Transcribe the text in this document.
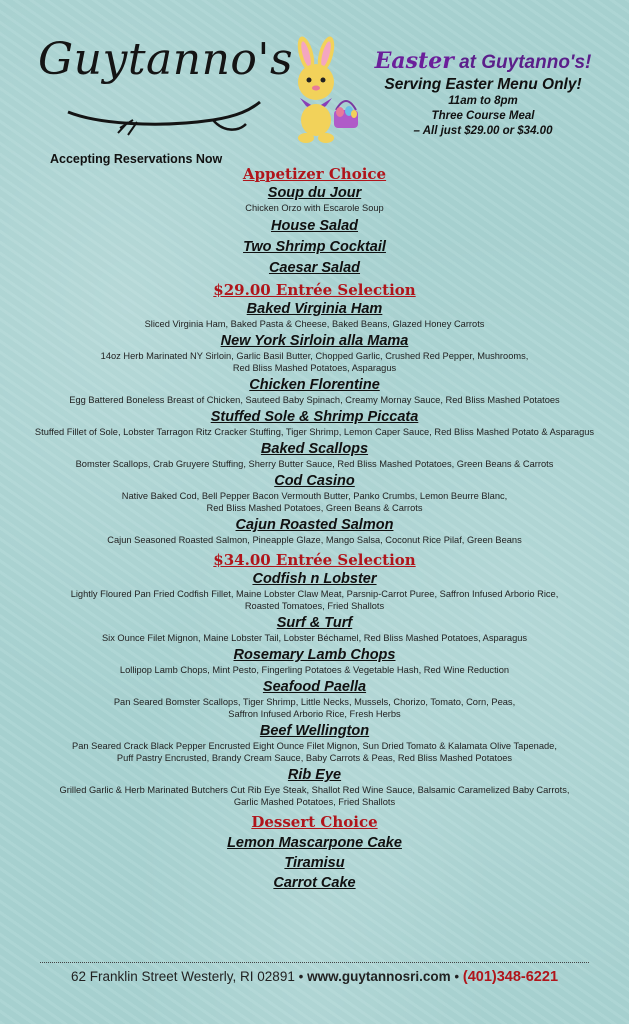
Guytanno's	Easter at Guytanno's!
Serving Easter Menu Only!
11am to 8pm
Three Course Meal
– All just $29.00 or $34.00
Accepting Reservations Now
Appetizer Choice
Soup du Jour
Chicken Orzo with Escarole Soup
House Salad
Two Shrimp Cocktail
Caesar Salad
$29.00 Entrée Selection
Baked Virginia Ham
Sliced Virginia Ham, Baked Pasta & Cheese, Baked Beans, Glazed Honey Carrots
New York Sirloin alla Mama
14oz Herb Marinated NY Sirloin, Garlic Basil Butter, Chopped Garlic, Crushed Red Pepper, Mushrooms,
Red Bliss Mashed Potatoes, Asparagus
Chicken Florentine
Egg Battered Boneless Breast of Chicken, Sauteed Baby Spinach, Creamy Mornay Sauce, Red Bliss Mashed Potatoes
Stuffed Sole & Shrimp Piccata
Stuffed Fillet of Sole, Lobster Tarragon Ritz Cracker Stuffing, Tiger Shrimp, Lemon Caper Sauce, Red Bliss Mashed Potato & Asparagus
Baked Scallops
Bomster Scallops, Crab Gruyere Stuffing, Sherry Butter Sauce, Red Bliss Mashed Potatoes, Green Beans & Carrots
Cod Casino
Native Baked Cod, Bell Pepper Bacon Vermouth Butter, Panko Crumbs, Lemon Beurre Blanc,
Red Bliss Mashed Potatoes, Green Beans & Carrots
Cajun Roasted Salmon
Cajun Seasoned Roasted Salmon, Pineapple Glaze, Mango Salsa, Coconut Rice Pilaf, Green Beans
$34.00 Entrée Selection
Codfish n Lobster
Lightly Floured Pan Fried Codfish Fillet, Maine Lobster Claw Meat, Parsnip-Carrot Puree, Saffron Infused Arborio Rice,
Roasted Tomatoes, Fried Shallots
Surf & Turf
Six Ounce Filet Mignon, Maine Lobster Tail, Lobster Béchamel, Red Bliss Mashed Potatoes, Asparagus
Rosemary Lamb Chops
Lollipop Lamb Chops, Mint Pesto, Fingerling Potatoes & Vegetable Hash, Red Wine Reduction
Seafood Paella
Pan Seared Bomster Scallops, Tiger Shrimp, Little Necks, Mussels, Chorizo, Tomato, Corn, Peas,
Saffron Infused Arborio Rice, Fresh Herbs
Beef Wellington
Pan Seared Crack Black Pepper Encrusted Eight Ounce Filet Mignon, Sun Dried Tomato & Kalamata Olive Tapenade,
Puff Pastry Encrusted, Brandy Cream Sauce, Baby Carrots & Peas, Red Bliss Mashed Potatoes
Rib Eye
Grilled Garlic & Herb Marinated Butchers Cut Rib Eye Steak, Shallot Red Wine Sauce, Balsamic Caramelized Baby Carrots,
Garlic Mashed Potatoes, Fried Shallots
Dessert Choice
Lemon Mascarpone Cake
Tiramisu
Carrot Cake
62 Franklin Street Westerly, RI 02891 • www.guytannosri.com • (401)348-6221
